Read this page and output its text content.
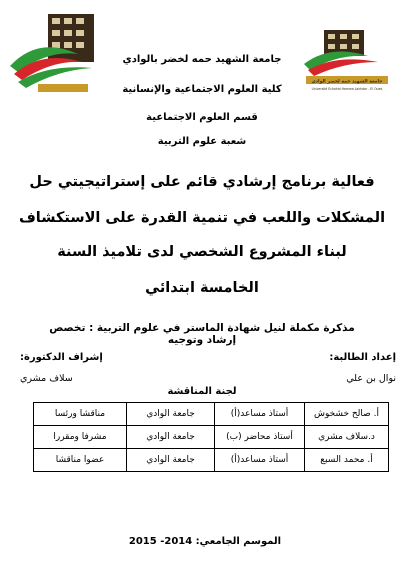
جامعة الشهيد حمه لخضر الوادي
Université Echahid Hamma Lakhdar - El Oued
جامعة الشهيد حمه لخضر بالوادي
كلية العلوم الاجتماعية والإنسانية
قسم العلوم الاجتماعية
شعبة علوم التربية
فعالية برنامج إرشادي قائم على إستراتيجيتي حل
المشكلات واللعب في تنمية القدرة على الاستكشاف
لبناء المشروع الشخصي لدى تلاميذ السنة
الخامسة ابتدائي
مذكرة مكملة لنيل شهادة الماستر في علوم التربية : تخصص إرشاد وتوجيه
إعداد الطالبة:
إشراف الدكتورة:
نوال بن علي
سلاف مشري
لجنة المناقشة
أ. صالح خشخوش	أستاذ مساعد(أ)	جامعة الوادي	مناقشا ورئسا
د.سلاف مشري	أستاذ محاضر (ب)	جامعة الوادي	مشرفا ومقررا
أ. محمد السبع	أستاذ مساعد(أ)	جامعة الوادي	عضوا مناقشا
الموسم الجامعي: 2014- 2015
